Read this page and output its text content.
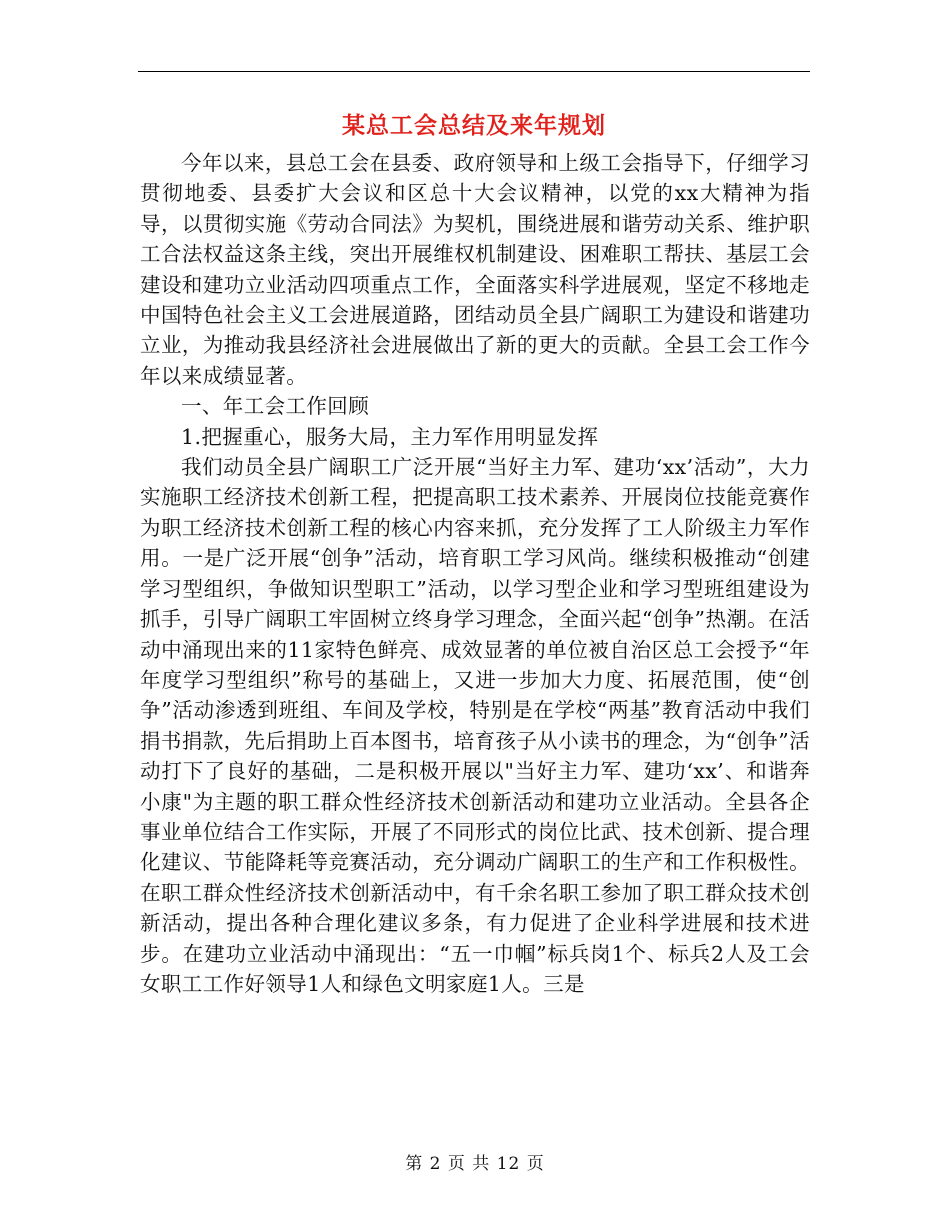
某总工会总结及来年规划

今年以来，县总工会在县委、政府领导和上级工会指导下，仔细学习贯彻地委、县委扩大会议和区总十大会议精神，以党的xx大精神为指导，以贯彻实施《劳动合同法》为契机，围绕进展和谐劳动关系、维护职工合法权益这条主线，突出开展维权机制建设、困难职工帮扶、基层工会建设和建功立业活动四项重点工作，全面落实科学进展观，坚定不移地走中国特色社会主义工会进展道路，团结动员全县广阔职工为建设和谐建功立业，为推动我县经济社会进展做出了新的更大的贡献。全县工会工作今年以来成绩显著。

一、年工会工作回顾

1.把握重心，服务大局，主力军作用明显发挥

我们动员全县广阔职工广泛开展“当好主力军、建功‘xx’活动”，大力实施职工经济技术创新工程，把提高职工技术素养、开展岗位技能竞赛作为职工经济技术创新工程的核心内容来抓，充分发挥了工人阶级主力军作用。一是广泛开展“创争”活动，培育职工学习风尚。继续积极推动“创建学习型组织，争做知识型职工”活动，以学习型企业和学习型班组建设为抓手，引导广阔职工牢固树立终身学习理念，全面兴起“创争”热潮。在活动中涌现出来的11家特色鲜亮、成效显著的单位被自治区总工会授予“年年度学习型组织”称号的基础上，又进一步加大力度、拓展范围，使“创争”活动渗透到班组、车间及学校，特别是在学校“两基”教育活动中我们捐书捐款，先后捐助上百本图书，培育孩子从小读书的理念，为“创争”活动打下了良好的基础，二是积极开展以"当好主力军、建功‘xx’、和谐奔小康"为主题的职工群众性经济技术创新活动和建功立业活动。全县各企事业单位结合工作实际，开展了不同形式的岗位比武、技术创新、提合理化建议、节能降耗等竞赛活动，充分调动广阔职工的生产和工作积极性。在职工群众性经济技术创新活动中，有千余名职工参加了职工群众技术创新活动，提出各种合理化建议多条，有力促进了企业科学进展和技术进步。在建功立业活动中涌现出：“五一巾帼”标兵岗1个、标兵2人及工会女职工工作好领导1人和绿色文明家庭1人。三是

第 2 页 共 12 页
